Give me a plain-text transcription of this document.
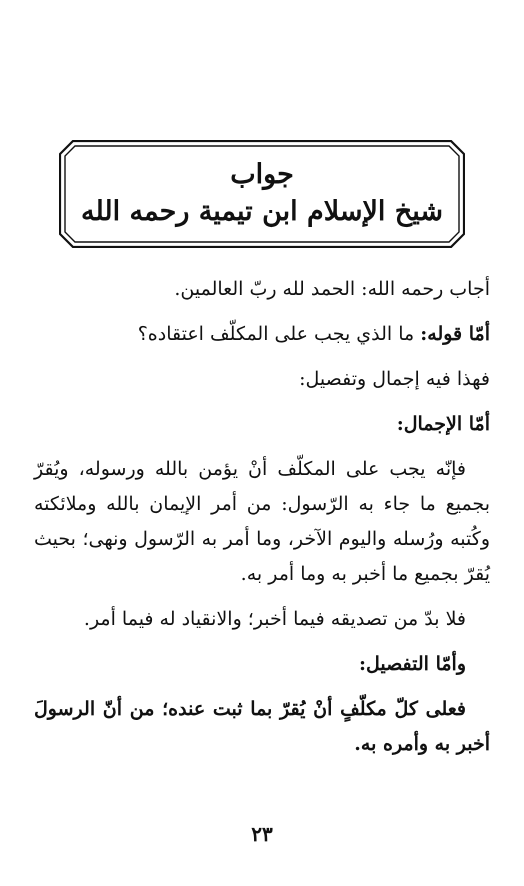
جواب
شيخ الإسلام ابن تيمية رحمه الله

أجاب رحمه الله: الحمد لله ربّ العالمين.

أمّا قوله: ما الذي يجب على المكلّف اعتقاده؟

فهذا فيه إجمال وتفصيل:

أمّا الإجمال:

فإنّه يجب على المكلّف أنْ يؤمن بالله ورسوله، ويُقرّ بجميع ما جاء به الرّسول: من أمر الإيمان بالله وملائكته وكُتبه ورُسله واليوم الآخر، وما أمر به الرّسول ونهى؛ بحيث يُقرّ بجميع ما أخبر به وما أمر به.

فلا بدّ من تصديقه فيما أخبر؛ والانقياد له فيما أمر.

وأمّا التفصيل:

فعلى كلّ مكلّفٍ أنْ يُقرّ بما ثبت عنده؛ من أنّ الرسولَ أخبر به وأمره به.

٢٣
